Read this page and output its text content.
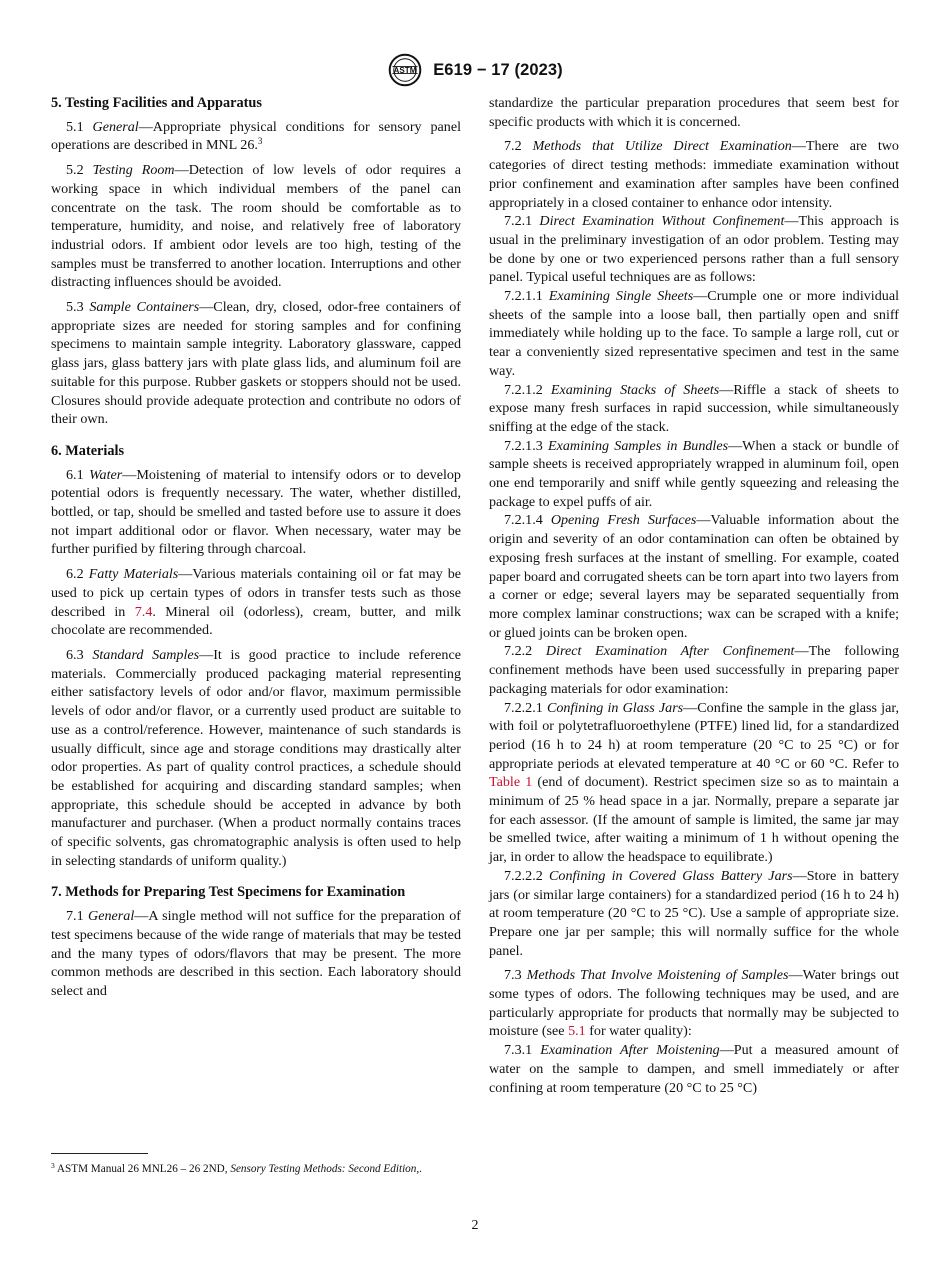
ASTM E619 − 17 (2023)

5. Testing Facilities and Apparatus

5.1 General—Appropriate physical conditions for sensory panel operations are described in MNL 26.$^3$

5.2 Testing Room—Detection of low levels of odor requires a working space in which individual members of the panel can concentrate on the task. The room should be comfortable as to temperature, humidity, and noise, and relatively free of laboratory industrial odors. If ambient odor levels are too high, testing of the samples must be transferred to another location. Interruptions and other distracting influences should be avoided.

5.3 Sample Containers—Clean, dry, closed, odor-free containers of appropriate sizes are needed for storing samples and for confining specimens to maintain sample integrity. Laboratory glassware, capped glass jars, glass battery jars with plate glass lids, and aluminum foil are suitable for this purpose. Rubber gaskets or stoppers should not be used. Closures should provide adequate protection and contribute no odors of their own.

6. Materials

6.1 Water—Moistening of material to intensify odors or to develop potential odors is frequently necessary. The water, whether distilled, bottled, or tap, should be smelled and tasted before use to assure it does not impart additional odor or flavor. When necessary, water may be further purified by filtering through charcoal.

6.2 Fatty Materials—Various materials containing oil or fat may be used to pick up certain types of odors in transfer tests such as those described in 7.4. Mineral oil (odorless), cream, butter, and milk chocolate are recommended.

6.3 Standard Samples—It is good practice to include reference materials. Commercially produced packaging material representing either satisfactory levels of odor and/or flavor, maximum permissible levels of odor and/or flavor, or a currently used product are suitable to use as a control/reference. However, maintenance of such standards is usually difficult, since age and storage conditions may drastically alter odor properties. As part of quality control practices, a schedule should be established for acquiring and discarding standard samples; when appropriate, this schedule should be accepted in advance by both manufacturer and purchaser. (When a product normally contains traces of specific solvents, gas chromatographic analysis is often used to help in selecting standards of uniform quality.)

7. Methods for Preparing Test Specimens for Examination

7.1 General—A single method will not suffice for the preparation of test specimens because of the wide range of materials that may be tested and the many types of odors/flavors that may be present. The more common methods are described in this section. Each laboratory should select and

standardize the particular preparation procedures that seem best for specific products with which it is concerned.

7.2 Methods that Utilize Direct Examination—There are two categories of direct testing methods: immediate examination without prior confinement and examination after samples have been confined appropriately in a closed container to enhance odor intensity.

7.2.1 Direct Examination Without Confinement—This approach is usual in the preliminary investigation of an odor problem. Testing may be done by one or two experienced persons rather than a full sensory panel. Typical useful techniques are as follows:

7.2.1.1 Examining Single Sheets—Crumple one or more individual sheets of the sample into a loose ball, then partially open and sniff immediately while holding up to the face. To sample a large roll, cut or tear a conveniently sized representative specimen and test in the same way.

7.2.1.2 Examining Stacks of Sheets—Riffle a stack of sheets to expose many fresh surfaces in rapid succession, while simultaneously sniffing at the edge of the stack.

7.2.1.3 Examining Samples in Bundles—When a stack or bundle of sample sheets is received appropriately wrapped in aluminum foil, open one end temporarily and sniff while gently squeezing and releasing the package to expel puffs of air.

7.2.1.4 Opening Fresh Surfaces—Valuable information about the origin and severity of an odor contamination can often be obtained by exposing fresh surfaces at the instant of smelling. For example, coated paper board and corrugated sheets can be torn apart into two layers from a corner or edge; several layers may be separated sequentially from more complex laminar constructions; wax can be scraped with a knife; or glued joints can be broken open.

7.2.2 Direct Examination After Confinement—The following confinement methods have been used successfully in preparing paper packaging materials for odor examination:

7.2.2.1 Confining in Glass Jars—Confine the sample in the glass jar, with foil or polytetrafluoroethylene (PTFE) lined lid, for a standardized period (16 h to 24 h) at room temperature (20 °C to 25 °C) or for appropriate periods at elevated temperature at 40 °C or 60 °C. Refer to Table 1 (end of document). Restrict specimen size so as to maintain a minimum of 25 % head space in a jar. Normally, prepare a separate jar for each assessor. (If the amount of sample is limited, the same jar may be smelled twice, after waiting a minimum of 1 h without opening the jar, in order to allow the headspace to equilibrate.)

7.2.2.2 Confining in Covered Glass Battery Jars—Store in battery jars (or similar large containers) for a standardized period (16 h to 24 h) at room temperature (20 °C to 25 °C). Use a sample of appropriate size. Prepare one jar per sample; this will normally suffice for the whole panel.

7.3 Methods That Involve Moistening of Samples—Water brings out some types of odors. The following techniques may be used, and are particularly appropriate for products that normally may be subjected to moisture (see 5.1 for water quality):

7.3.1 Examination After Moistening—Put a measured amount of water on the sample to dampen, and smell immediately or after confining at room temperature (20 °C to 25 °C)

$^3$ ASTM Manual 26 MNL26 – 26 2ND, Sensory Testing Methods: Second Edition,.
2
